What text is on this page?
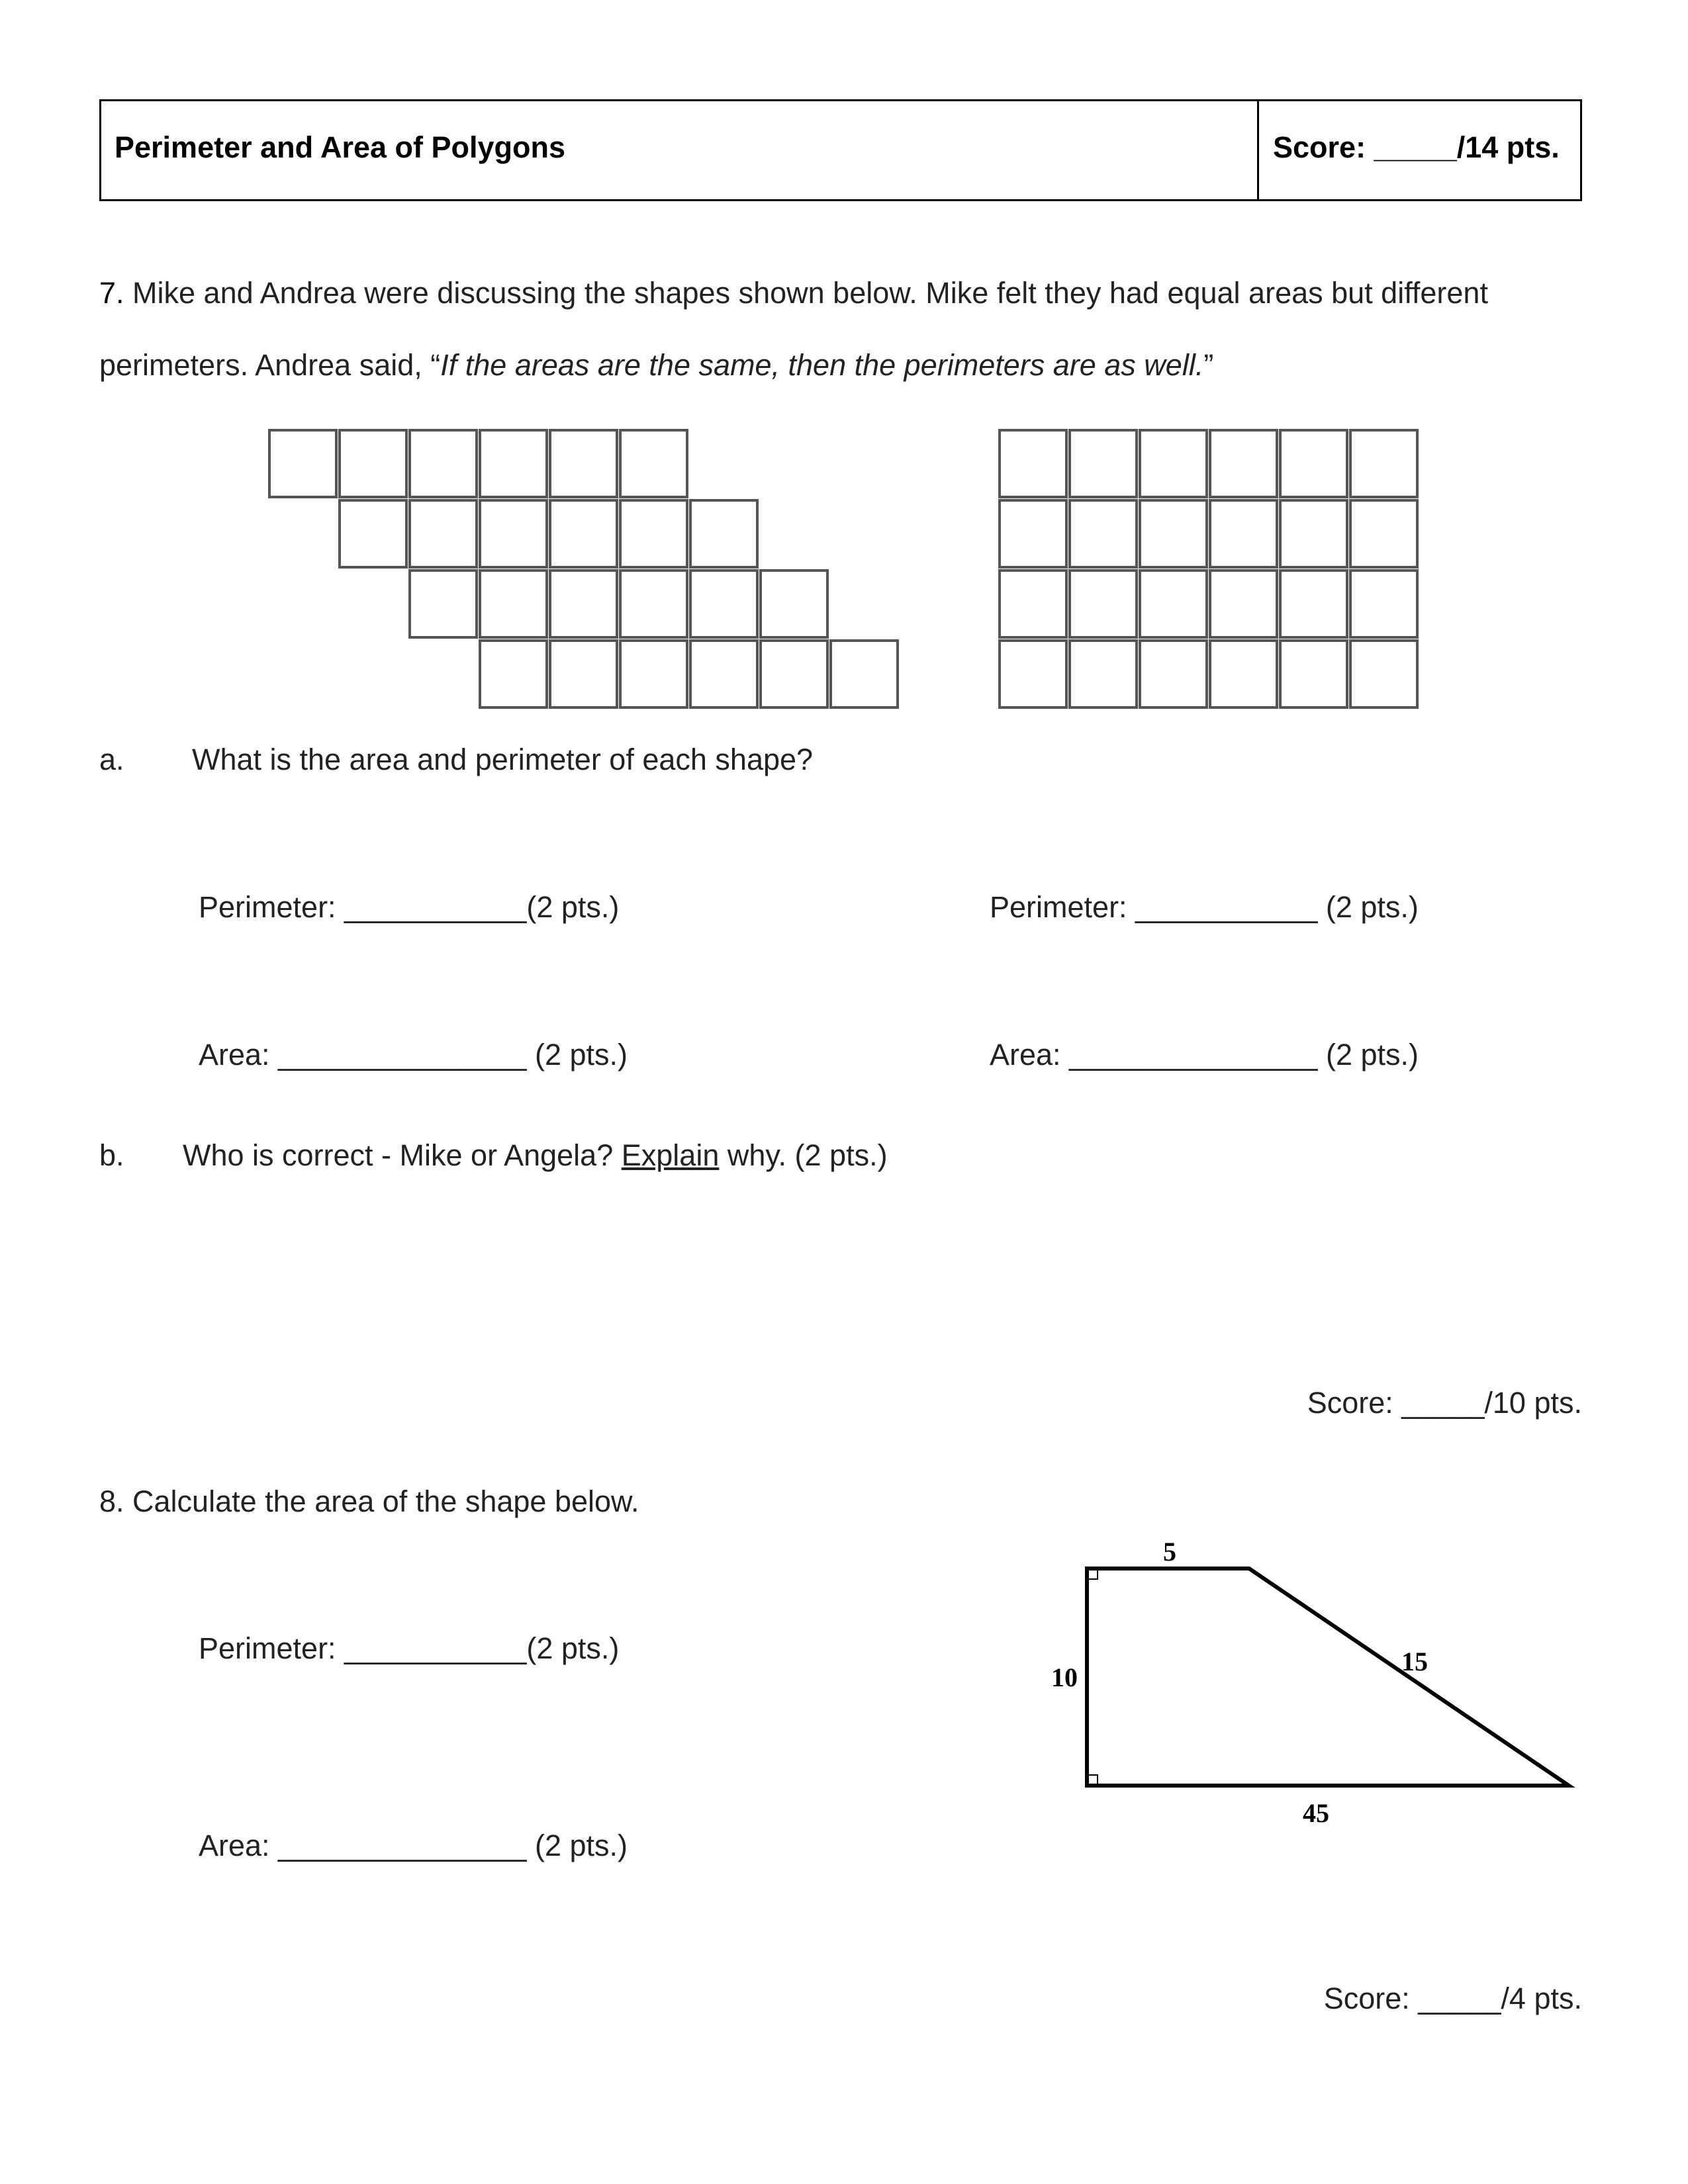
Perimeter and Area of Polygons	Score: _____/14 pts.
7. Mike and Andrea were discussing the shapes shown below. Mike felt they had equal areas but different
perimeters. Andrea said, “If the areas are the same, then the perimeters are as well.”
a. What is the area and perimeter of each shape?
Perimeter: ___________(2 pts.)	Perimeter: ___________ (2 pts.)
Area: _______________ (2 pts.)	Area: _______________ (2 pts.)
b. Who is correct - Mike or Angela? Explain why. (2 pts.)
Score: _____/10 pts.
8. Calculate the area of the shape below.
Perimeter: ___________(2 pts.)
Area: _______________ (2 pts.)
5
10
15
45
Score: _____/4 pts.
